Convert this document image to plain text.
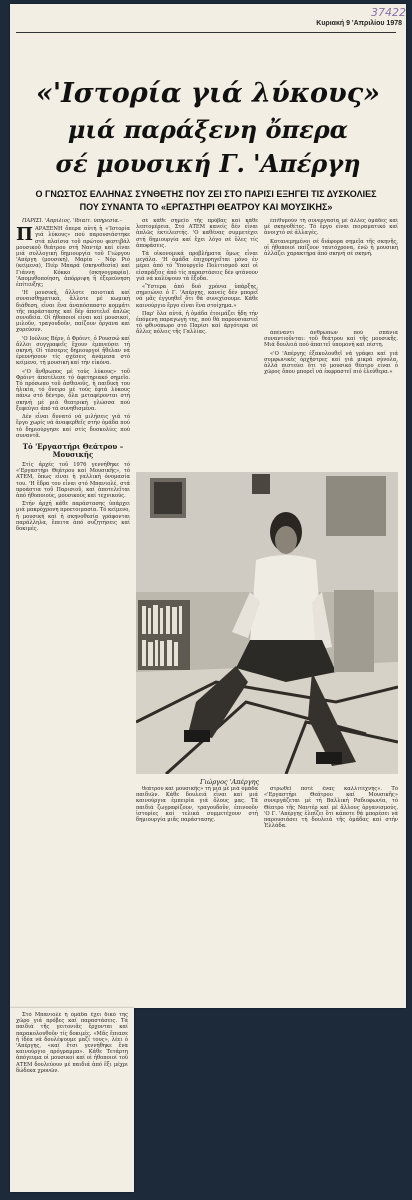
37422
Κυριακή 9 'Απριλίου 1978
«'Ιστορία γιά λύκους»
μιά παράξενη ὄπερα
σέ μουσική Γ. 'Απέργη
Ο ΓΝΩΣΤΟΣ ΕΛΛΗΝΑΣ ΣΥΝΘΕΤΗΣ ΠΟΥ ΖΕΙ ΣΤΟ ΠΑΡΙΣΙ ΕΞΗΓΕΙ ΤΙΣ ΔΥΣΚΟΛΙΕΣ ΠΟΥ ΣΥΝΑΝΤΑ ΤΟ «ΕΡΓΑΣΤΗΡΙ ΘΕΑΤΡΟΥ ΚΑΙ ΜΟΥΣΙΚΗΣ»

ΠΑΡΙΣΙ. 'Απρίλιος. 'Ιδιαίτ. ὑπηρεσία.–

ΠΑΡΑΞΕΝΗ ὄπερα αὐτή ἡ «'Ιστορία γιά λύκους» πού παρουσιάστηκε στά πλαίσια τοῦ πρώτου φεστιβάλ μουσικοῦ θεάτρου στή Ναντέρ καί εἶναι μιά συλλογική δημιουργία τοῦ Γιώργου 'Απέργη (μουσική), Μαρία - Νόρ Ριό (κείμενα), Πιέρ Μπαρά (σκηνοθεσία) καί Γιάννη Κόκκο (σκηνογραφία). 'Απομυθοποίηση, ἀπόρριψη ἢ ἐξερεύνηση ἐπίτευξης;

'Η μουσική, ἄλλοτε ποιοτικά καί συναισθηματικά, ἄλλοτε μέ κωμική διάθεση, εἶναι ἕνα ἀναπόσπαστο κομμάτι τῆς παράστασης καί δέν ἀποτελεῖ ἁπλῶς συνοδεία. Οἱ ἠθοποιοί εἶναι καί μουσικοί, μιλοῦν, τραγουδοῦν, παίζουν ὄργανα καί χορεύουν.

'Ο Ιούλιος Βέρν, ὁ Φρόιντ, ὁ Ρουσσώ καί ἄλλοι συγγραφεῖς ἔχουν ἐμπνεύσει τή σκηνή. Οἱ τέσσερις δημιουργοί ἤθελαν νά ἐρευνήσουν τίς σχέσεις ἀνάμεσα στό κείμενο, τή μουσική καί τήν εἰκόνα.

«'Ο ἄνθρωπος μέ τούς λύκους» τοῦ Φρόιντ ἀποτέλεσε τό ἀφετηριακό σημεῖο. Τό πρόσωπο τοῦ ἀσθενοῦς, ἡ παιδική του ἡλικία, τό ὄνειρο μέ τούς ἑφτά λύκους πάνω στό δέντρο, ὅλα μεταφέρονται στή σκηνή μέ μιά θεατρική γλώσσα πού ξεφεύγει ἀπό τά συνηθισμένα.

Δέν εἶναι δυνατό νά μιλήσεις γιά τό ἔργο χωρίς νά ἀναφερθεῖς στήν ὁμάδα πού τό δημιούργησε καί στίς δυσκολίες πού συναντᾶ.

Τό 'Εργαστήρι Θεάτρου – Μουσικῆς

Στίς ἀρχές τοῦ 1976 γεννήθηκε τό «'Εργαστήρι Θεάτρου καί Μουσικῆς», τό ΑΤΕΜ, ὅπως εἶναι ἡ γαλλική ὀνομασία του. 'Η ἔδρα του εἶναι στό Μπανιολέ, στά προάστια τοῦ Παρισιοῦ, καί ἀποτελεῖται ἀπό ἠθοποιούς, μουσικούς καί τεχνικούς.

Στήν ἀρχή κάθε παράστασης ὑπάρχει μιά μακρόχρονη προετοιμασία. Τό κείμενο, ἡ μουσική καί ἡ σκηνοθεσία γράφονται παράλληλα, ἔπειτα ἀπό συζητήσεις καί δοκιμές.

σέ κάθε σημεῖο τῆς πρόβας καί κάθε λεπτομέρεια. Στό ΑΤΕΜ κανείς δέν εἶναι ἁπλῶς ἐκτελεστής. 'Ο καθένας συμμετέχει στή δημιουργία καί ἔχει λόγο σέ ὅλες τίς ἀποφάσεις.

Τά οἰκονομικά προβλήματα ὅμως εἶναι μεγάλα. 'Η ὁμάδα ἐπιχορηγεῖται μόνο ἐν μέρει ἀπό τό Ὑπουργεῖο Πολιτισμοῦ καί οἱ εἰσπράξεις ἀπό τίς παραστάσεις δέν φτάνουν γιά νά καλύψουν τά ἔξοδα.

«Ὕστερα ἀπό δυό χρόνια ὑπάρξης, σημειώνει ὁ Γ. 'Απέργης, κανείς δέν μπορεῖ νά μᾶς ἐγγυηθεῖ ὅτι θά συνεχίσουμε. Κάθε καινούργιο ἔργο εἶναι ἕνα στοίχημα.»

Παρ' ὅλα αὐτά, ἡ ὁμάδα ἑτοιμάζει ἤδη τήν ἐπόμενη παραγωγή της, πού θά παρουσιαστεῖ τό φθινόπωρο στό Παρίσι καί ἀργότερα σέ ἄλλες πόλεις τῆς Γαλλίας.

ἐπιθυμούν τή συνεργασία μέ ἄλλες ὁμάδες καί μέ σκηνοθέτες. Τό ἔργο εἶναι πειραματικό καί ἀνοιχτό σέ ἀλλαγές.

Κατανεμημένοι σέ διάφορα σημεῖα τῆς σκηνῆς, οἱ ἠθοποιοί παίζουν ταυτόχρονα, ἐνῶ ἡ μουσική ἀλλάζει χαρακτήρα ἀπό σκηνή σέ σκηνή.

ἀπέναντι ἀνθρώπων πού σπάνια συναντιοῦνται: τοῦ θεάτρου καί τῆς μουσικῆς. Μιά δουλειά πού ἀπαιτεῖ ὑπομονή καί πίστη.

«'Ο 'Απέργης ἐξακολουθεῖ νά γράφει καί γιά συμφωνικές ὀρχῆστρες καί γιά μικρά σύνολα, ἀλλά πιστεύει ὅτι τό μουσικό θέατρο εἶναι ὁ χῶρος ὅπου μπορεῖ νά ἐκφραστεῖ πιό ἐλεύθερα.»

Γιώργος 'Απέργης

θεάτρου καί μουσικῆς» τή μιά μέ μιά ὁμάδα παιδιῶν. Κάθε δουλειά εἶναι καί μιά καινούργια ἐμπειρία γιά ὅλους μας. Τά παιδιά ζωγραφίζουν, τραγουδοῦν, ἐπινοοῦν ἱστορίες καί τελικά συμμετέχουν στή δημιουργία μιᾶς παράστασης.

στρωθεῖ ποτέ ἕνας καλλιτέχνης». Τό «'Εργαστήρι Θεάτρου καί Μουσικῆς» συνεργάζεται μέ τή Βαλλική Ραδιοφωνία, τό Θέατρο τῆς Ναντέρ καί μέ ἄλλους ὀργανισμούς. 'Ο Γ. 'Απέργης ἐλπίζει ὅτι κάποτε θά μπορέσει νά παρουσιάσει τή δουλειά τῆς ὁμάδας καί στήν Ἑλλάδα.

Στό Μπανιολέ ἡ ὁμάδα ἔχει δικό της χῶρο γιά πρόβες καί παραστάσεις. Τά παιδιά τῆς γειτονιᾶς ἔρχονται καί παρακολουθοῦν τίς δοκιμές. «Μᾶς ἔπιασε ἡ ἰδέα νά δουλέψουμε μαζί τους», λέει ὁ 'Απέργης, «καί ἔτσι γεννήθηκε ἕνα καινούργιο πρόγραμμα». Κάθε Τετάρτη ἀπόγευμα οἱ μουσικοί καί οἱ ἠθοποιοί τοῦ ΑΤΕΜ δουλεύουν μέ παιδιά ἀπό ἕξι μέχρι δώδεκα χρονῶν.
